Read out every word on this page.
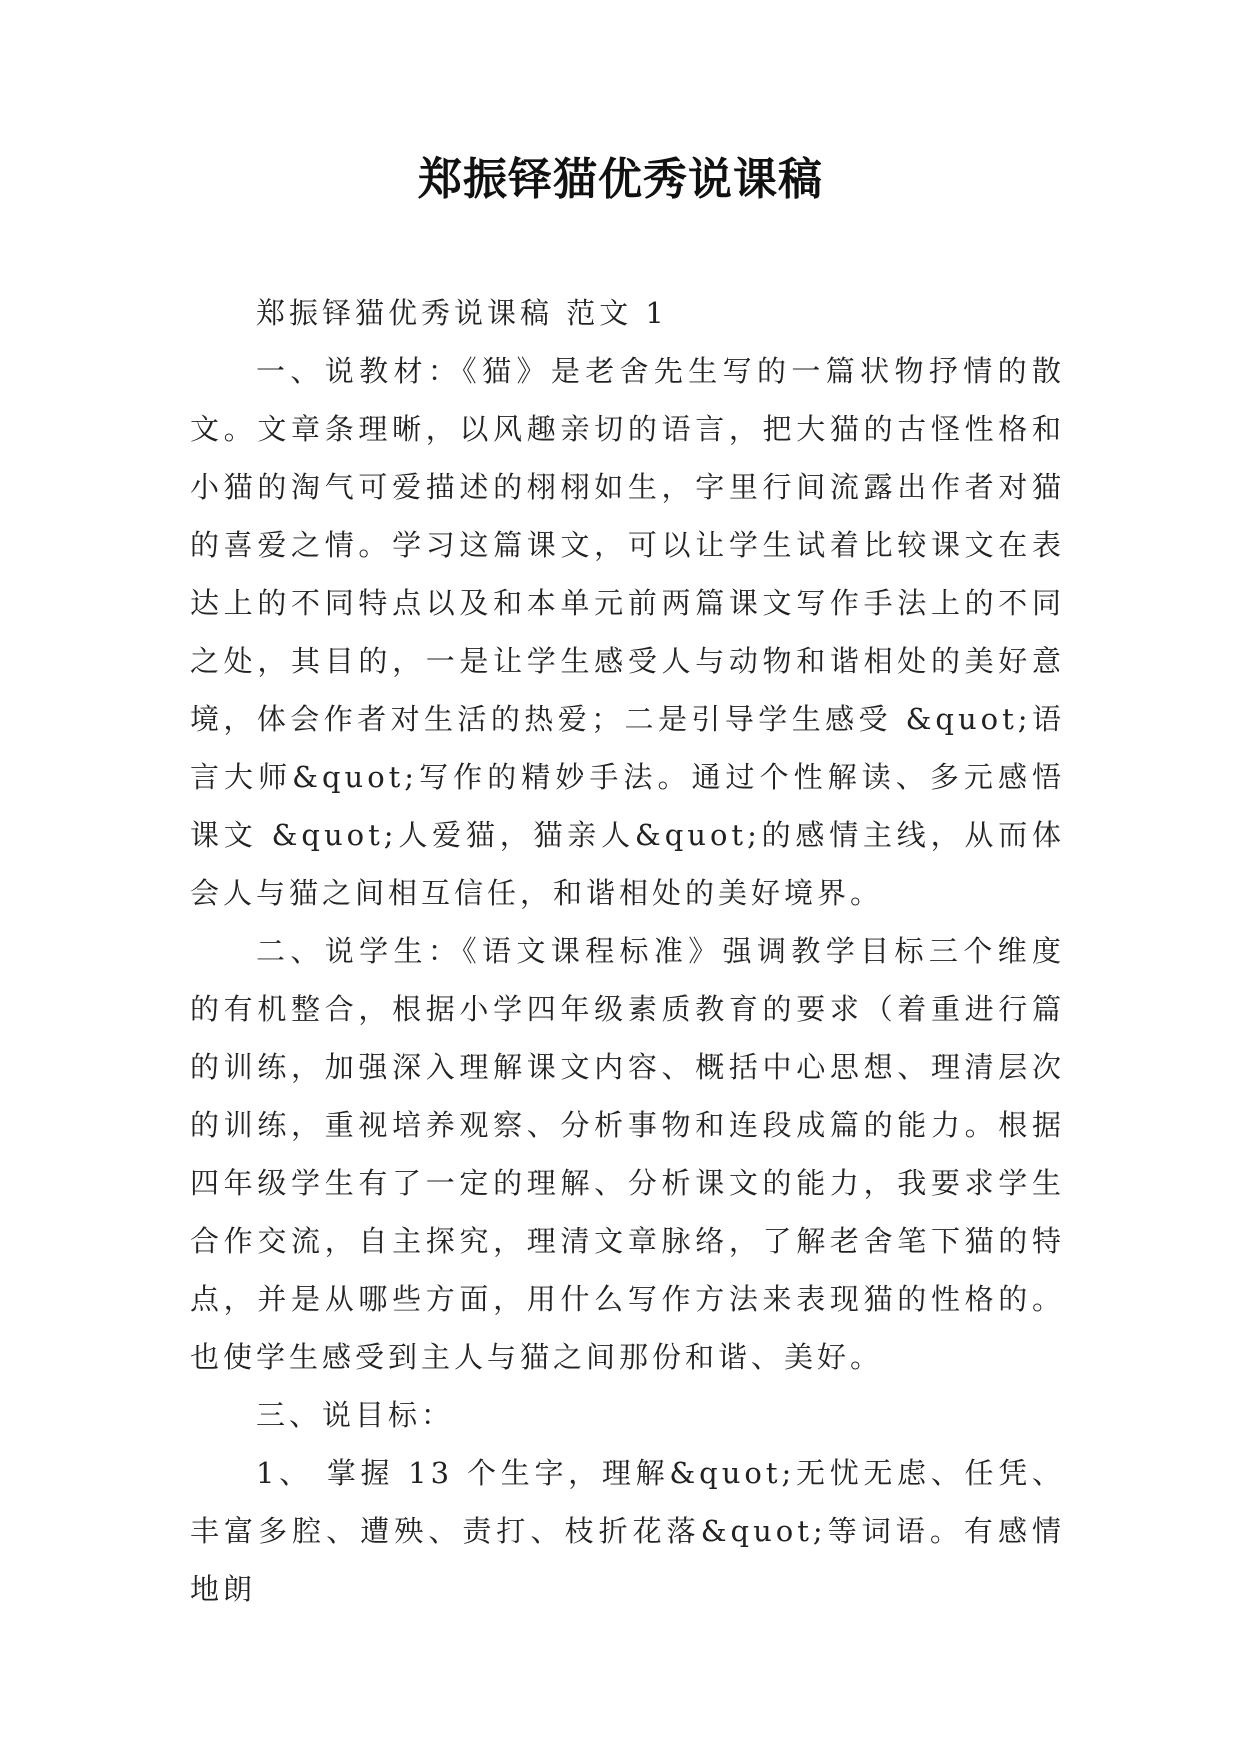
郑振铎猫优秀说课稿

郑振铎猫优秀说课稿 范文 1

一、说教材：《猫》是老舍先生写的一篇状物抒情的散文。文章条理晰，以风趣亲切的语言，把大猫的古怪性格和小猫的淘气可爱描述的栩栩如生，字里行间流露出作者对猫的喜爱之情。学习这篇课文，可以让学生试着比较课文在表达上的不同特点以及和本单元前两篇课文写作手法上的不同之处，其目的，一是让学生感受人与动物和谐相处的美好意境，体会作者对生活的热爱；二是引导学生感受 &quot;语言大师&quot;写作的精妙手法。通过个性解读、多元感悟课文 &quot;人爱猫，猫亲人&quot;的感情主线，从而体会人与猫之间相互信任，和谐相处的美好境界。

二、说学生：《语文课程标准》强调教学目标三个维度的有机整合，根据小学四年级素质教育的要求（着重进行篇的训练，加强深入理解课文内容、概括中心思想、理清层次的训练，重视培养观察、分析事物和连段成篇的能力。根据四年级学生有了一定的理解、分析课文的能力，我要求学生合作交流，自主探究，理清文章脉络，了解老舍笔下猫的特点，并是从哪些方面，用什么写作方法来表现猫的性格的。也使学生感受到主人与猫之间那份和谐、美好。

三、说目标：

1、 掌握 13 个生字，理解&quot;无忧无虑、任凭、丰富多腔、遭殃、责打、枝折花落&quot;等词语。有感情地朗
